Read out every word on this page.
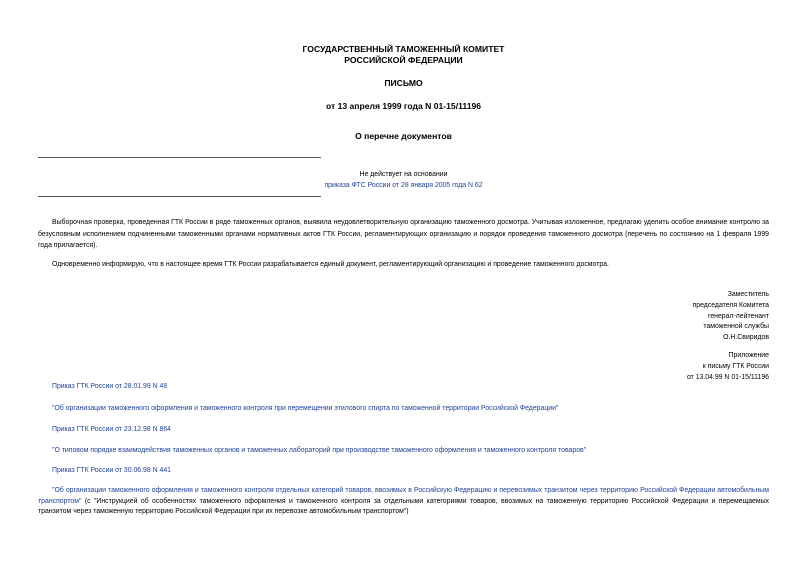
ГОСУДАРСТВЕННЫЙ ТАМОЖЕННЫЙ КОМИТЕТ
РОССИЙСКОЙ ФЕДЕРАЦИИ
ПИСЬМО
от 13 апреля 1999 года N 01-15/11196
О перечне документов
Не действует на основании
приказа ФТС России от 28 января 2005 года N 62
Выборочная проверка, проведенная ГТК России в ряде таможенных органов, выявила неудовлетворительную организацию таможенного досмотра. Учитывая изложенное, предлагаю уделить особое внимание контролю за безусловным исполнением подчиненными таможенными органами нормативных актов ГТК России, регламентирующих организацию и порядок проведения таможенного досмотра (перечень по состоянию на 1 февраля 1999 года прилагается).
Одновременно информирую, что в настоящее время ГТК России разрабатывается единый документ, регламентирующий организацию и проведение таможенного досмотра.
Заместитель
председателя Комитета
генерал-лейтенант
таможенной службы
О.Н.Свиридов
Приложение
к письму ГТК России
от 13.04.99 N 01-15/11196
Приказ ГТК России от 28.01.99 N 48
"Об организации таможенного оформления и таможенного контроля при перемещении этилового спирта по таможенной территории Российской Федерации"
Приказ ГТК России от 23.12.98 N 864
"О типовом порядке взаимодействия таможенных органов и таможенных лабораторий при производстве таможенного оформления и таможенного контроля товаров"
Приказ ГТК России от 30.06.98 N 441
"Об организации таможенного оформления и таможенного контроля отдельных категорий товаров, ввозимых в Российскую Федерацию и перевозимых транзитом через территорию Российской Федерации автомобильным транспортом" (с "Инструкцией об особенностях таможенного оформления и таможенного контроля за отдельными категориями товаров, ввозимых на таможенную территорию Российской Федерации и перемещаемых транзитом через таможенную территорию Российской Федерации при их перевозке автомобильным транспортом")
